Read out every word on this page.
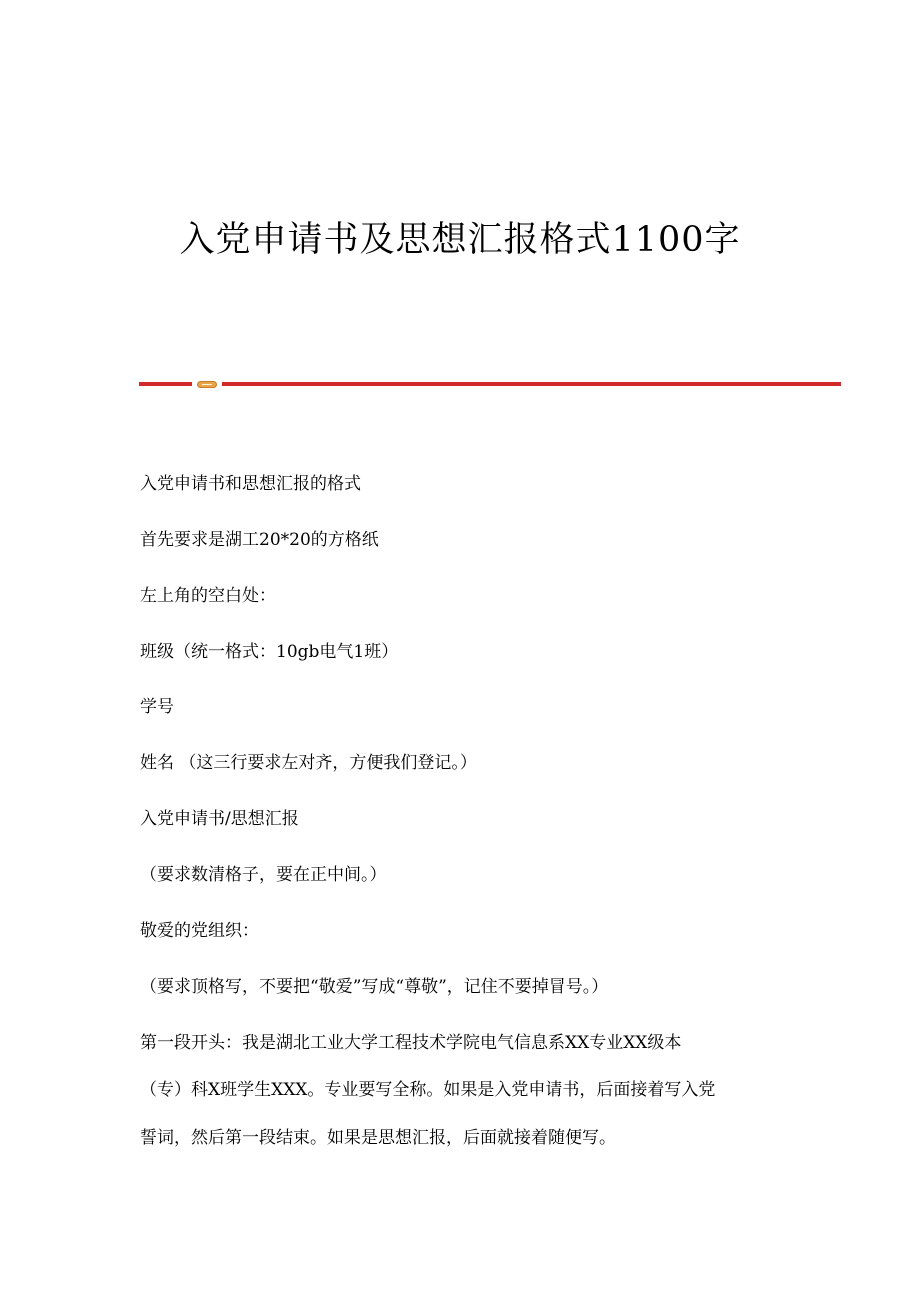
入党申请书及思想汇报格式1100字

入党申请书和思想汇报的格式

首先要求是湖工20*20的方格纸

左上角的空白处：

班级（统一格式：10gb电气1班）

学号

姓名 （这三行要求左对齐，方便我们登记。）

入党申请书/思想汇报

（要求数清格子，要在正中间。）

敬爱的党组织：

（要求顶格写，不要把“敬爱”写成“尊敬”，记住不要掉冒号。）

第一段开头：我是湖北工业大学工程技术学院电气信息系XX专业XX级本

（专）科X班学生XXX。专业要写全称。如果是入党申请书，后面接着写入党

誓词，然后第一段结束。如果是思想汇报，后面就接着随便写。
